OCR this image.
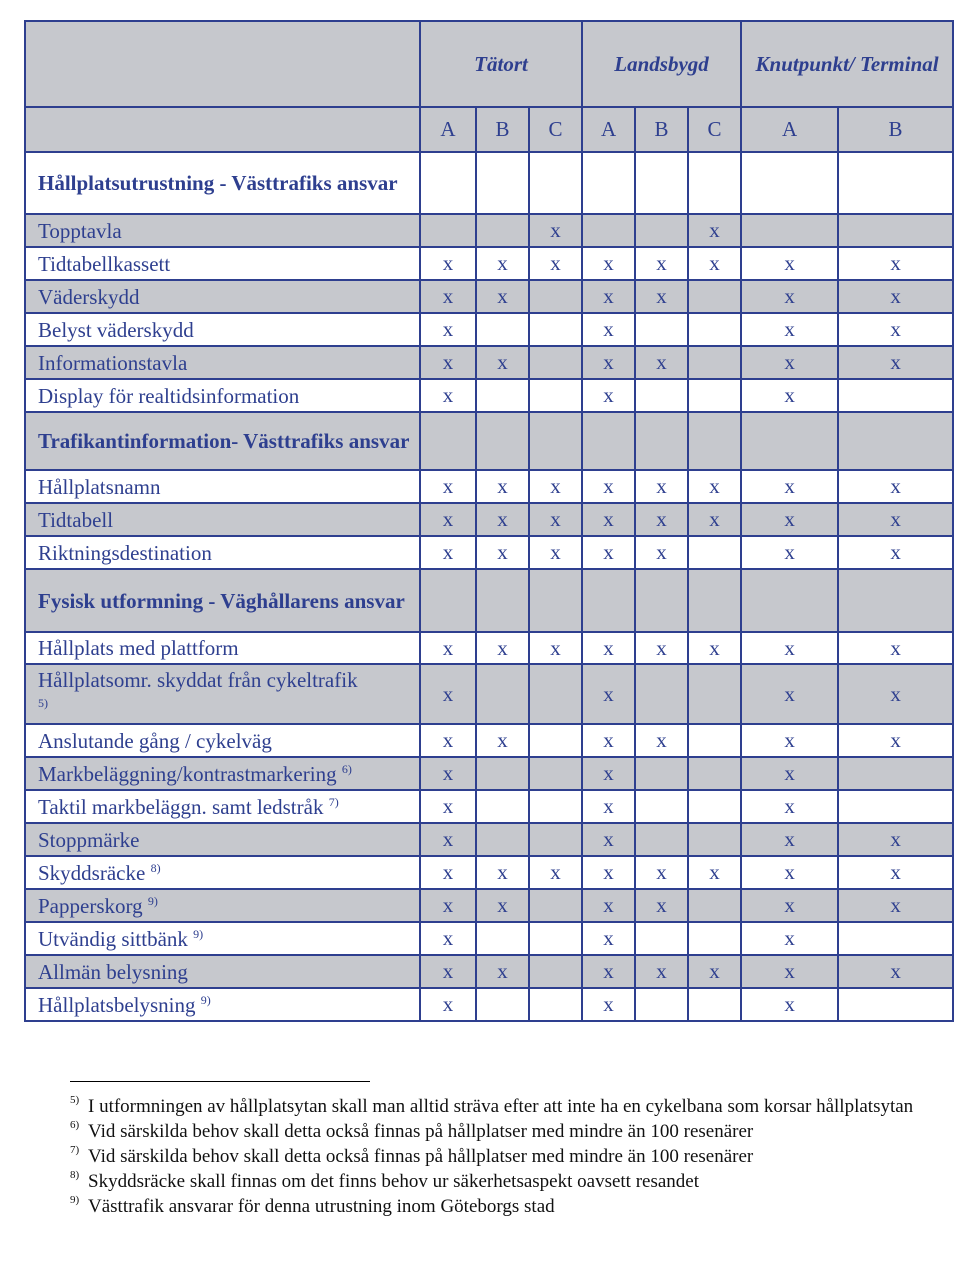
	Tätort			Landsbygd			Knutpunkt/ Terminal	
	A	B	C	A	B	C	A	B
Hållplatsutrustning - Västtrafiks ansvar								
Topptavla			x			x		
Tidtabellkassett	x	x	x	x	x	x	x	x
Väderskydd	x	x		x	x		x	x
Belyst väderskydd	x			x			x	x
Informationstavla	x	x		x	x		x	x
Display för realtidsinformation	x			x			x	
Trafikantinformation- Västtrafiks ansvar								
Hållplatsnamn	x	x	x	x	x	x	x	x
Tidtabell	x	x	x	x	x	x	x	x
Riktningsdestination	x	x	x	x	x		x	x
Fysisk utformning - Väghållarens ansvar								
Hållplats med plattform	x	x	x	x	x	x	x	x
Hållplatsomr. skyddat från cykeltrafik
$^{5)}$	x			x			x	x
Anslutande gång / cykelväg	x	x		x	x		x	x
Markbeläggning/kontrastmarkering $^{6)}$	x			x			x	
Taktil markbeläggn. samt ledstråk $^{7)}$	x			x			x	
Stoppmärke	x			x			x	x
Skyddsräcke $^{8)}$	x	x	x	x	x	x	x	x
Papperskorg $^{9)}$	x	x		x	x		x	x
Utvändig sittbänk $^{9)}$	x			x			x	
Allmän belysning	x	x		x	x	x	x	x
Hållplatsbelysning $^{9)}$	x			x			x	
5) I utformningen av hållplatsytan skall man alltid sträva efter att inte ha en cykelbana som korsar hållplatsytan
6) Vid särskilda behov skall detta också finnas på hållplatser med mindre än 100 resenärer
7) Vid särskilda behov skall detta också finnas på hållplatser med mindre än 100 resenärer
8) Skyddsräcke skall finnas om det finns behov ur säkerhetsaspekt oavsett resandet
9) Västtrafik ansvarar för denna utrustning inom Göteborgs stad
